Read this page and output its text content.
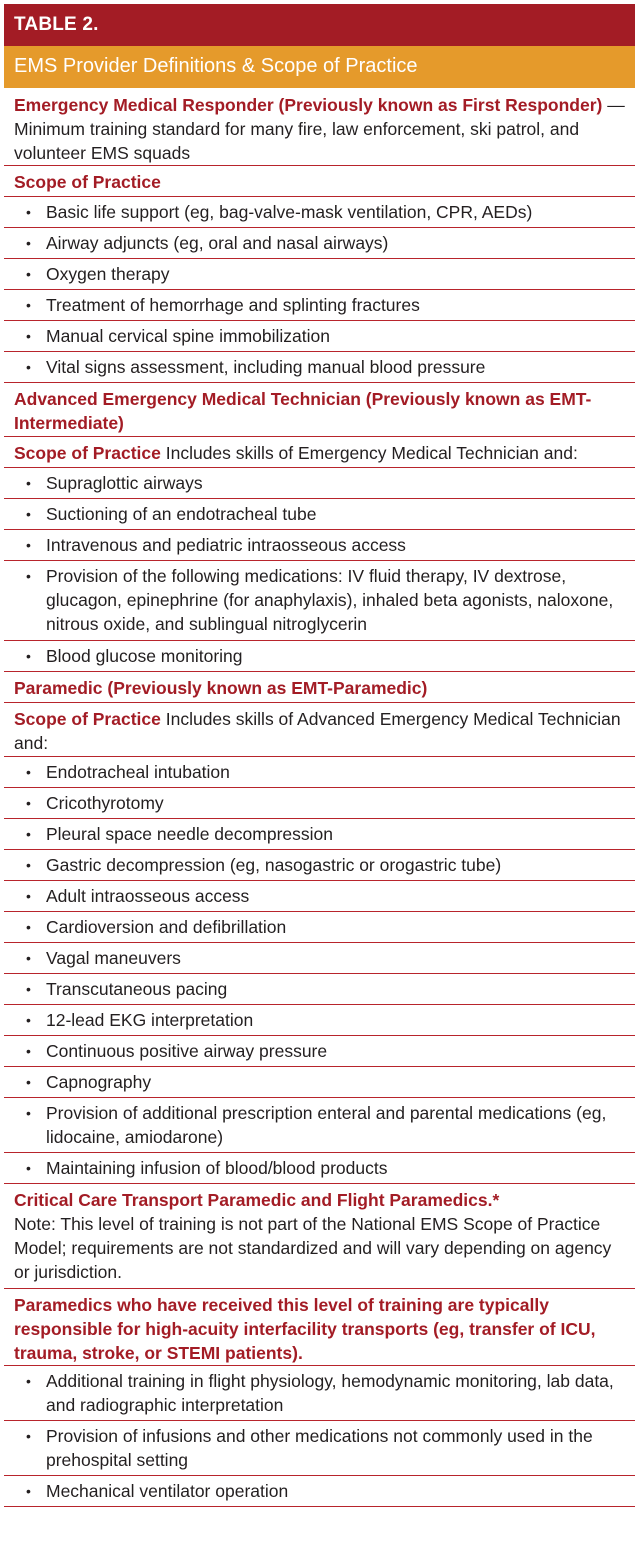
TABLE 2.
EMS Provider Definitions & Scope of Practice
Emergency Medical Responder (Previously known as First Responder) — Minimum training standard for many fire, law enforcement, ski patrol, and volunteer EMS squads
Scope of Practice
• Basic life support (eg, bag-valve-mask ventilation, CPR, AEDs)
• Airway adjuncts (eg, oral and nasal airways)
• Oxygen therapy
• Treatment of hemorrhage and splinting fractures
• Manual cervical spine immobilization
• Vital signs assessment, including manual blood pressure
Advanced Emergency Medical Technician (Previously known as EMT-Intermediate)
Scope of Practice Includes skills of Emergency Medical Technician and:
• Supraglottic airways
• Suctioning of an endotracheal tube
• Intravenous and pediatric intraosseous access
• Provision of the following medications: IV fluid therapy, IV dextrose, glucagon, epinephrine (for anaphylaxis), inhaled beta agonists, naloxone, nitrous oxide, and sublingual nitroglycerin
• Blood glucose monitoring
Paramedic (Previously known as EMT-Paramedic)
Scope of Practice Includes skills of Advanced Emergency Medical Technician and:
• Endotracheal intubation
• Cricothyrotomy
• Pleural space needle decompression
• Gastric decompression (eg, nasogastric or orogastric tube)
• Adult intraosseous access
• Cardioversion and defibrillation
• Vagal maneuvers
• Transcutaneous pacing
• 12-lead EKG interpretation
• Continuous positive airway pressure
• Capnography
• Provision of additional prescription enteral and parental medications (eg, lidocaine, amiodarone)
• Maintaining infusion of blood/blood products
Critical Care Transport Paramedic and Flight Paramedics.*
Note: This level of training is not part of the National EMS Scope of Practice Model; requirements are not standardized and will vary depending on agency or jurisdiction.
Paramedics who have received this level of training are typically responsible for high-acuity interfacility transports (eg, transfer of ICU, trauma, stroke, or STEMI patients).
• Additional training in flight physiology, hemodynamic monitoring, lab data, and radiographic interpretation
• Provision of infusions and other medications not commonly used in the prehospital setting
• Mechanical ventilator operation
